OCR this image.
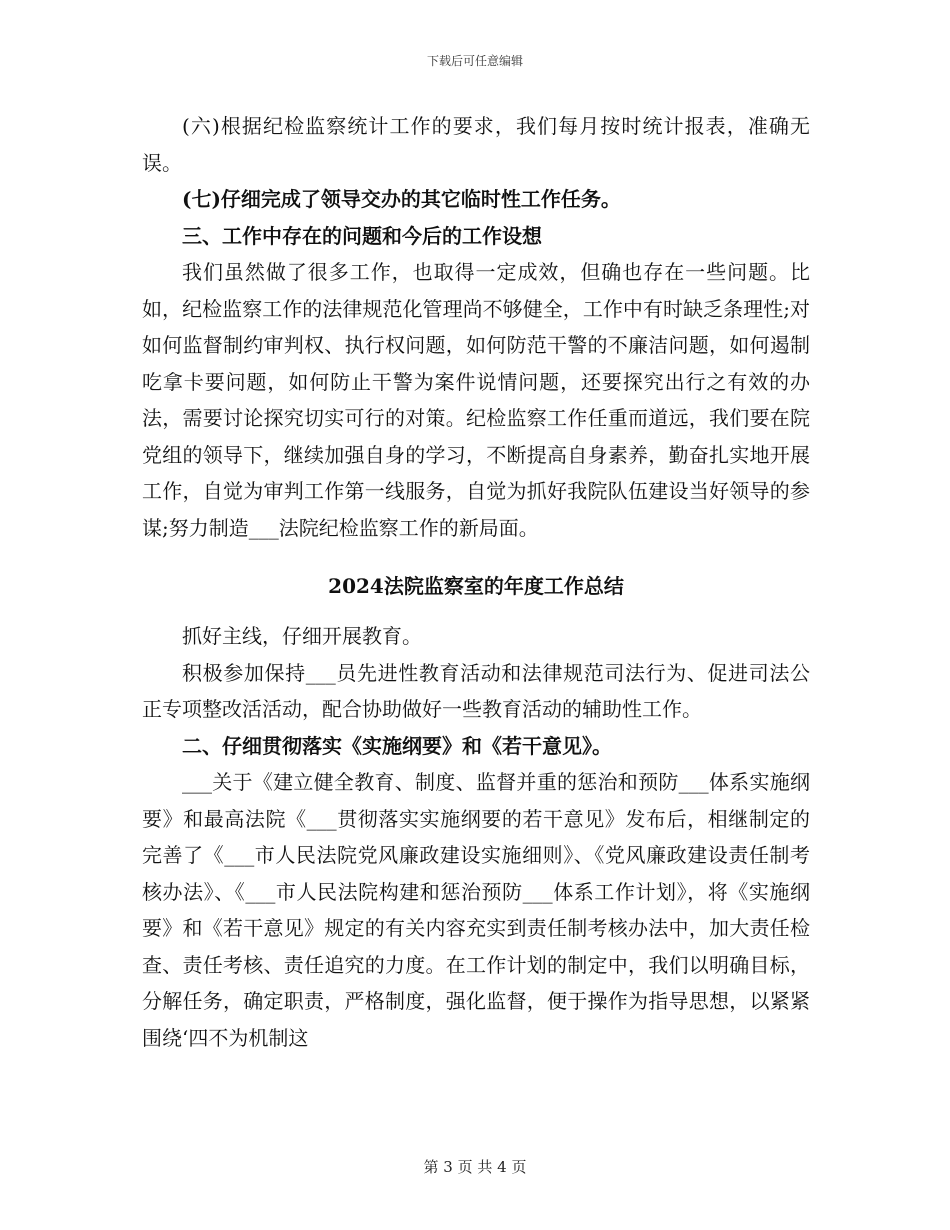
下载后可任意编辑

(六)根据纪检监察统计工作的要求，我们每月按时统计报表，准确无误。

(七)仔细完成了领导交办的其它临时性工作任务。

三、工作中存在的问题和今后的工作设想

我们虽然做了很多工作，也取得一定成效，但确也存在一些问题。比如，纪检监察工作的法律规范化管理尚不够健全，工作中有时缺乏条理性;对如何监督制约审判权、执行权问题，如何防范干警的不廉洁问题，如何遏制吃拿卡要问题，如何防止干警为案件说情问题，还要探究出行之有效的办法，需要讨论探究切实可行的对策。纪检监察工作任重而道远，我们要在院党组的领导下，继续加强自身的学习，不断提高自身素养，勤奋扎实地开展工作，自觉为审判工作第一线服务，自觉为抓好我院队伍建设当好领导的参谋;努力制造___法院纪检监察工作的新局面。

2024法院监察室的年度工作总结

抓好主线，仔细开展教育。

积极参加保持___员先进性教育活动和法律规范司法行为、促进司法公正专项整改活活动，配合协助做好一些教育活动的辅助性工作。

二、仔细贯彻落实《实施纲要》和《若干意见》。

___关于《建立健全教育、制度、监督并重的惩治和预防___体系实施纲要》和最高法院《___贯彻落实实施纲要的若干意见》发布后，相继制定的完善了《___市人民法院党风廉政建设实施细则》、《党风廉政建设责任制考核办法》、《___市人民法院构建和惩治预防___体系工作计划》，将《实施纲要》和《若干意见》规定的有关内容充实到责任制考核办法中，加大责任检查、责任考核、责任追究的力度。在工作计划的制定中，我们以明确目标，分解任务，确定职责，严格制度，强化监督，便于操作为指导思想，以紧紧围绕‘四不为机制这

第 3 页 共 4 页
